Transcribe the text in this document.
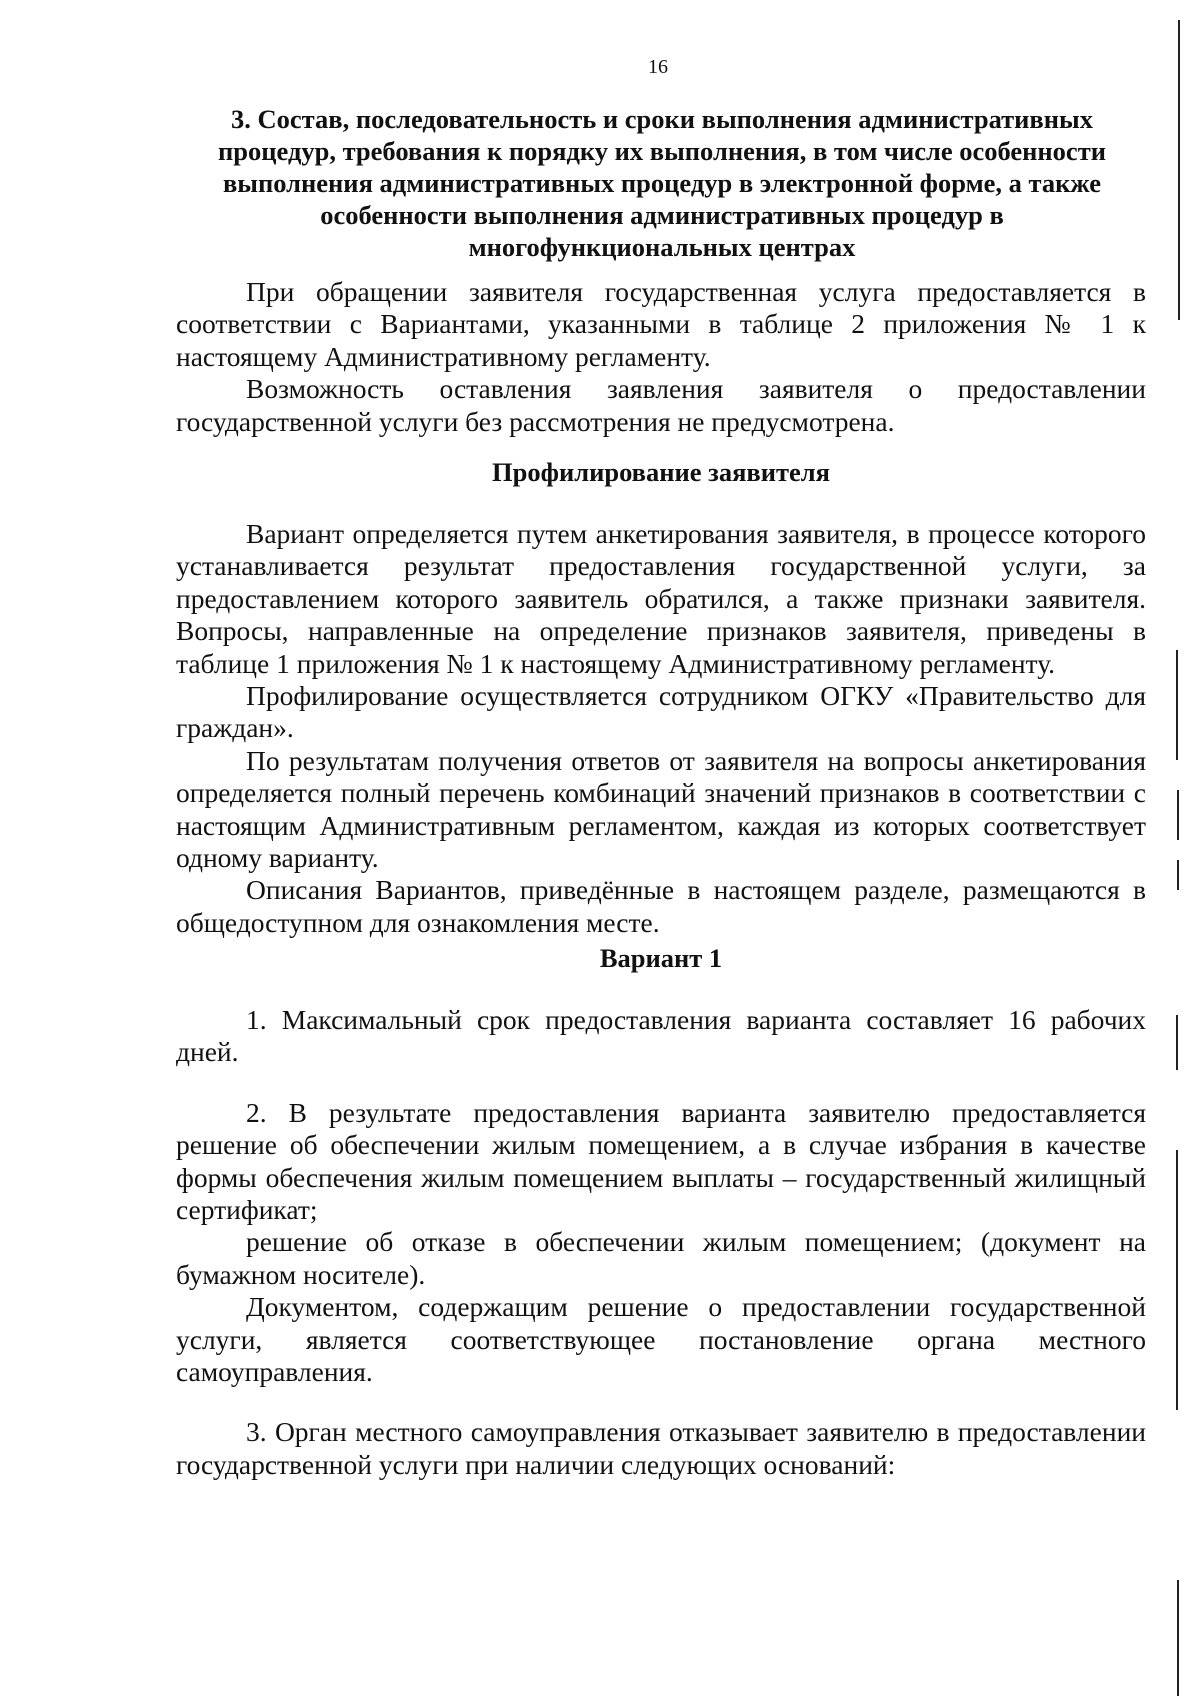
16
3. Состав, последовательность и сроки выполнения административных процедур, требования к порядку их выполнения, в том числе особенности выполнения административных процедур в электронной форме, а также особенности выполнения административных процедур в многофункциональных центрах

При обращении заявителя государственная услуга предоставляется в соответствии с Вариантами, указанными в таблице 2 приложения № 1 к настоящему Административному регламенту.

Возможность оставления заявления заявителя о предоставлении государственной услуги без рассмотрения не предусмотрена.

Профилирование заявителя

Вариант определяется путем анкетирования заявителя, в процессе которого устанавливается результат предоставления государственной услуги, за предоставлением которого заявитель обратился, а также признаки заявителя. Вопросы, направленные на определение признаков заявителя, приведены в таблице 1 приложения № 1 к настоящему Административному регламенту.

Профилирование осуществляется сотрудником ОГКУ «Правительство для граждан».

По результатам получения ответов от заявителя на вопросы анкетирования определяется полный перечень комбинаций значений признаков в соответствии с настоящим Административным регламентом, каждая из которых соответствует одному варианту.

Описания Вариантов, приведённые в настоящем разделе, размещаются в общедоступном для ознакомления месте.

Вариант 1

1. Максимальный срок предоставления варианта составляет 16 рабочих дней.

2. В результате предоставления варианта заявителю предоставляется решение об обеспечении жилым помещением, а в случае избрания в качестве формы обеспечения жилым помещением выплаты – государственный жилищный сертификат;

решение об отказе в обеспечении жилым помещением; (документ на бумажном носителе).

Документом, содержащим решение о предоставлении государственной услуги, является соответствующее постановление органа местного самоуправления.

3. Орган местного самоуправления отказывает заявителю в предоставлении государственной услуги при наличии следующих оснований:
